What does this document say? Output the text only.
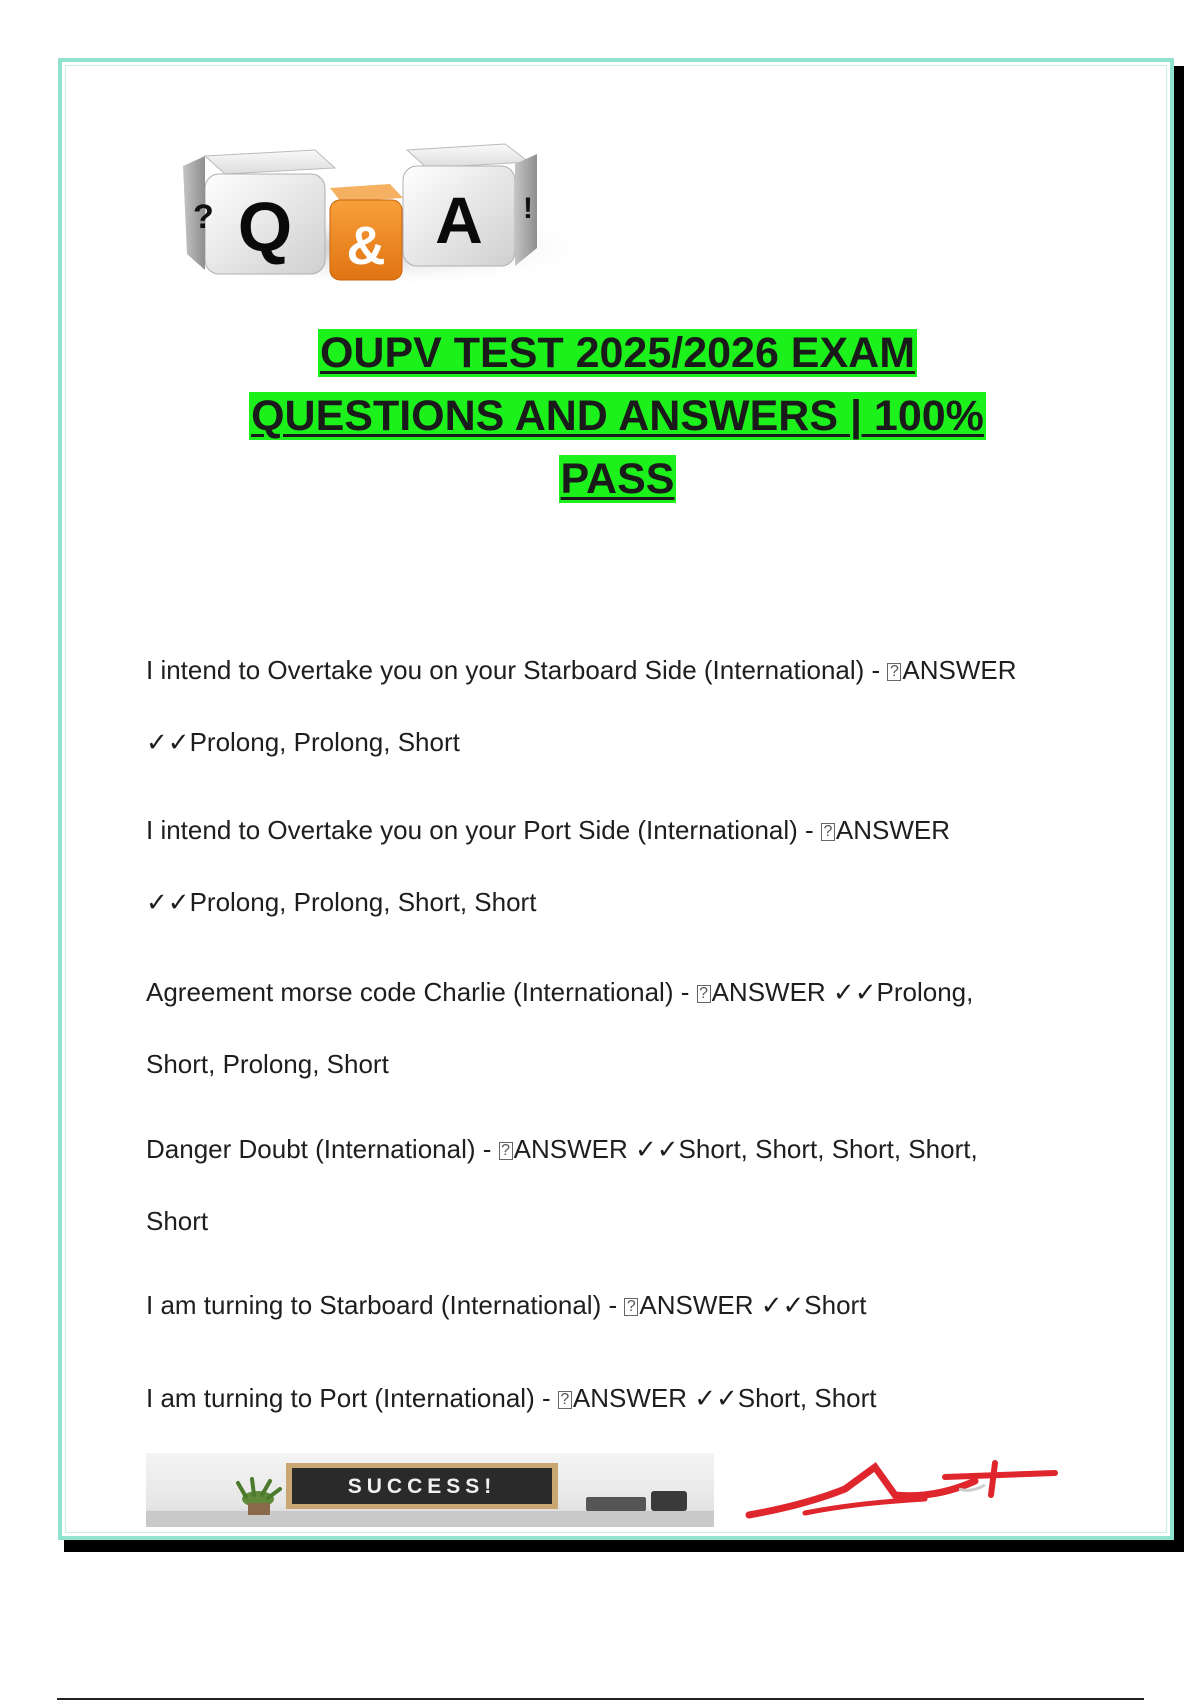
? Q &
!
A
OUPV TEST 2025/2026 EXAM
QUESTIONS AND ANSWERS | 100%
PASS
I intend to Overtake you on your Starboard Side (International) - ? ANSWER
✓✓Prolong, Prolong, Short
I intend to Overtake you on your Port Side (International) - ? ANSWER
✓✓Prolong, Prolong, Short, Short
Agreement morse code Charlie (International) - ? ANSWER ✓✓Prolong,
Short, Prolong, Short
Danger Doubt (International) - ? ANSWER ✓✓Short, Short, Short, Short,
Short
I am turning to Starboard (International) - ? ANSWER ✓✓Short
I am turning to Port (International) - ? ANSWER ✓✓Short, Short
SUCCESS!
A+
